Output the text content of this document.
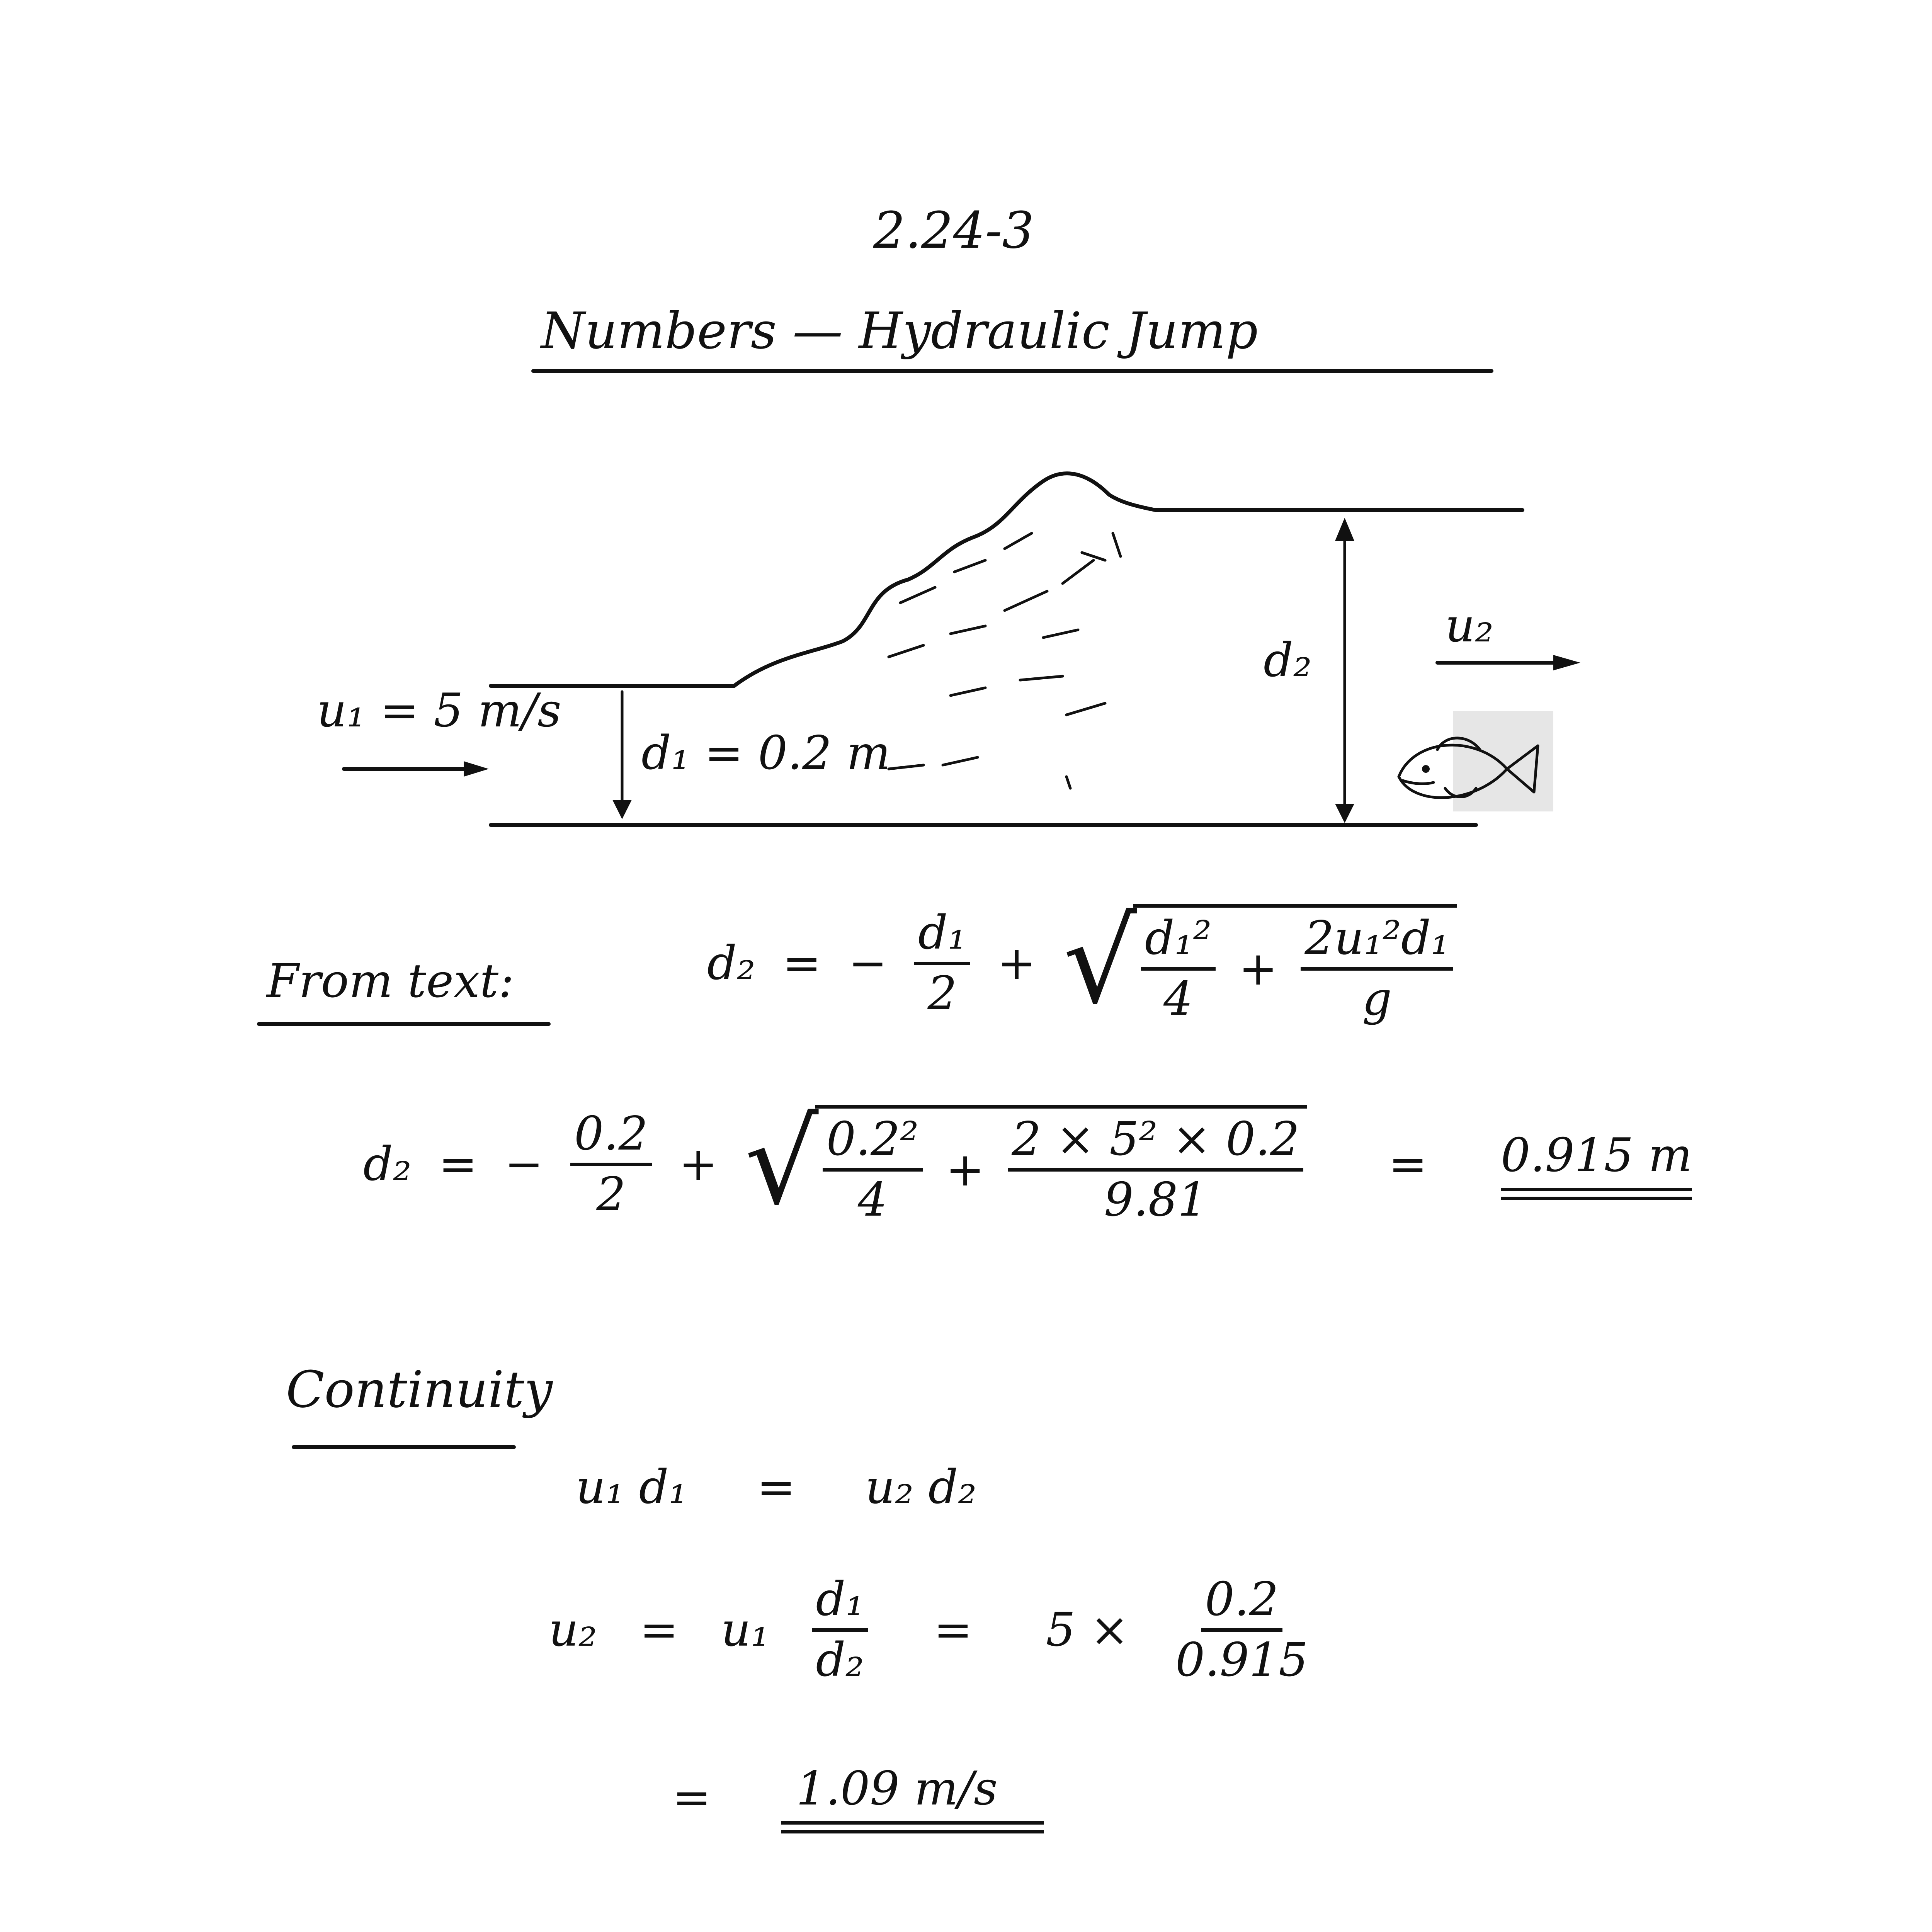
2.24-3
Numbers — Hydraulic Jump
u₁ = 5 m/s
d₁ = 0.2 m
d₂
u₂
From text:	d₂ = − $\frac{\text{d₁}}{2}$ + √ $\frac{\text{d₁²}}{4} + \frac{\text{2u₁²d₁}}{g}$
d₂ = − $\frac{0.2}{2}$ + √ $\frac{\text{0.2²}}{4} + \frac{\text{2 × 5² × 0.2}}{9.81} = 0.915$ m
Continuity
u₁ d₁ = u₂ d₂
$u_2 = u_1 \frac{\text{d₁}}{\text{d₂}} = 5 \times \frac{0.2}{0.915}$
=	1.09 m/s
